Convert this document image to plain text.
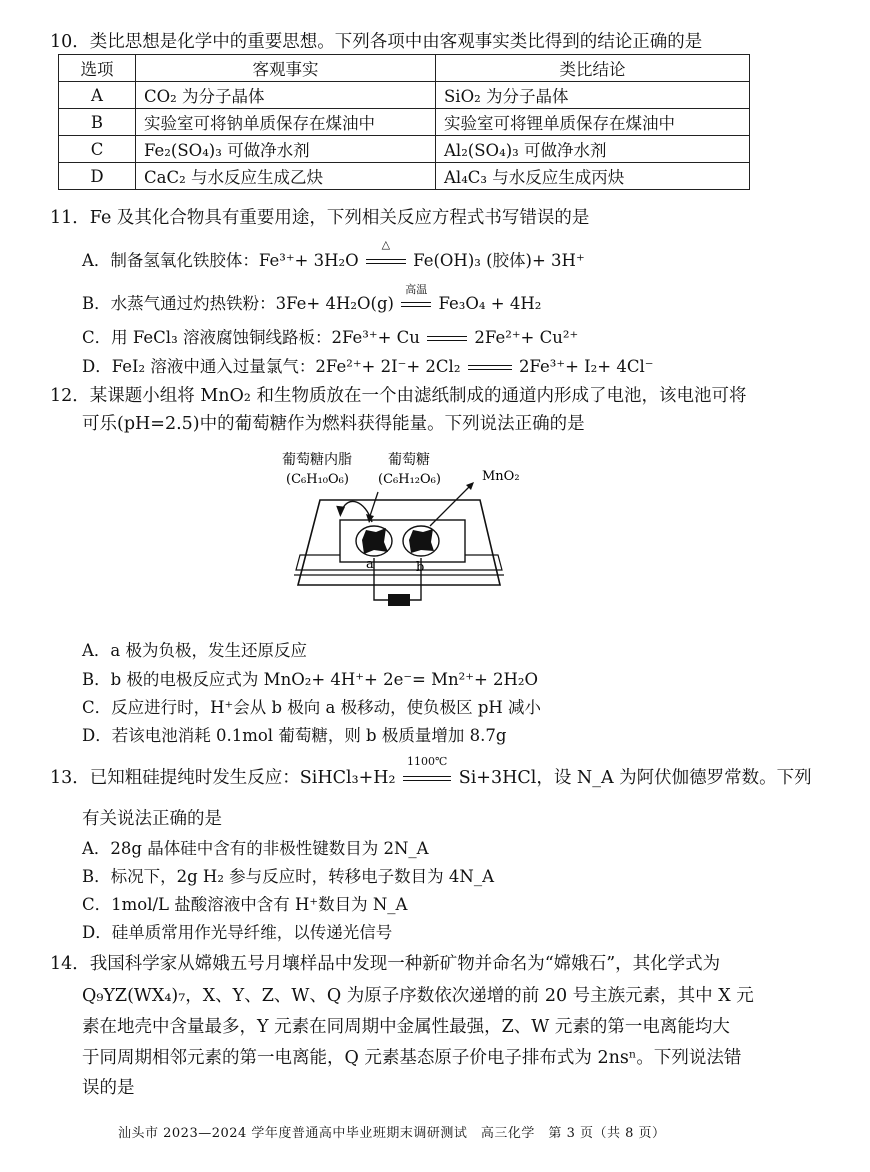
10．类比思想是化学中的重要思想。下列各项中由客观事实类比得到的结论正确的是
选项	客观事实	类比结论
A	CO₂ 为分子晶体	SiO₂ 为分子晶体
B	实验室可将钠单质保存在煤油中	实验室可将锂单质保存在煤油中
C	Fe₂(SO₄)₃ 可做净水剂	Al₂(SO₄)₃ 可做净水剂
D	CaC₂ 与水反应生成乙炔	Al₄C₃ 与水反应生成丙炔
11．Fe 及其化合物具有重要用途，下列相关反应方程式书写错误的是
A．制备氢氧化铁胶体：Fe³⁺+ 3H₂O
△
Fe(OH)₃ (胶体)+ 3H⁺
B．水蒸气通过灼热铁粉：3Fe+ 4H₂O(g)
高温
Fe₃O₄ + 4H₂
C．用 FeCl₃ 溶液腐蚀铜线路板：2Fe³⁺+ Cu	2Fe²⁺+ Cu²⁺
D．FeI₂ 溶液中通入过量氯气：2Fe²⁺+ 2I⁻+ 2Cl₂	2Fe³⁺+ I₂+ 4Cl⁻
12．某课题小组将 MnO₂ 和生物质放在一个由滤纸制成的通道内形成了电池，该电池可将
可乐(pH=2.5)中的葡萄糖作为燃料获得能量。下列说法正确的是
葡萄糖内脂
(C₆H₁₀O₆)
葡萄糖
(C₆H₁₂O₆)	MnO₂
a	b
A．a 极为负极，发生还原反应
B．b 极的电极反应式为 MnO₂+ 4H⁺+ 2e⁻= Mn²⁺+ 2H₂O
C．反应进行时，H⁺会从 b 极向 a 极移动，使负极区 pH 减小
D．若该电池消耗 0.1mol 葡萄糖，则 b 极质量增加 8.7g
13．已知粗硅提纯时发生反应：SiHCl₃+H₂
1100℃
Si+3HCl，设 N_A 为阿伏伽德罗常数。下列
有关说法正确的是
A．28g 晶体硅中含有的非极性键数目为 2N_A
B．标况下，2g H₂ 参与反应时，转移电子数目为 4N_A
C．1mol/L 盐酸溶液中含有 H⁺数目为 N_A
D．硅单质常用作光导纤维，以传递光信号
14．我国科学家从嫦娥五号月壤样品中发现一种新矿物并命名为“嫦娥石”，其化学式为
Q₉YZ(WX₄)₇，X、Y、Z、W、Q 为原子序数依次递增的前 20 号主族元素，其中 X 元
素在地壳中含量最多，Y 元素在同周期中金属性最强，Z、W 元素的第一电离能均大
于同周期相邻元素的第一电离能，Q 元素基态原子价电子排布式为 2nsⁿ。下列说法错
误的是
汕头市 2023—2024 学年度普通高中毕业班期末调研测试　高三化学　第 3 页（共 8 页）
